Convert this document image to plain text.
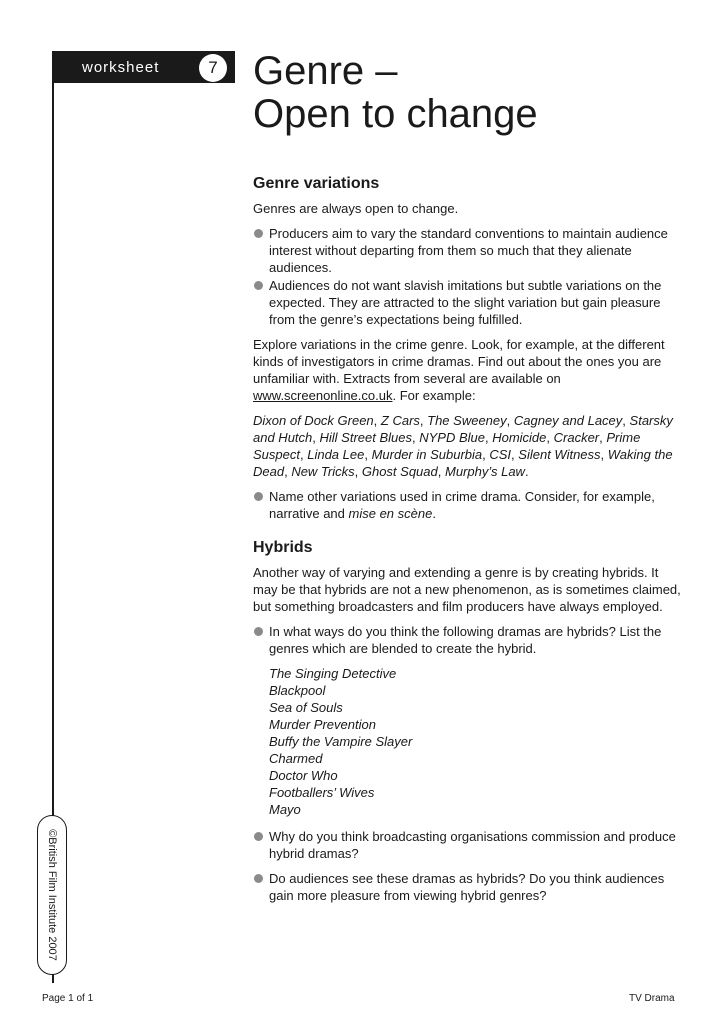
worksheet	7
©British Film Institute 2007
Genre –
Open to change
Genre variations

Genres are always open to change.

Producers aim to vary the standard conventions to maintain audience interest without departing from them so much that they alienate audiences.
Audiences do not want slavish imitations but subtle variations on the expected. They are attracted to the slight variation but gain pleasure from the genre’s expectations being fulfilled.

Explore variations in the crime genre. Look, for example, at the different kinds of investigators in crime dramas. Find out about the ones you are unfamiliar with. Extracts from several are available on www.screenonline.co.uk. For example:

Dixon of Dock Green, Z Cars, The Sweeney, Cagney and Lacey, Starsky and Hutch, Hill Street Blues, NYPD Blue, Homicide, Cracker, Prime Suspect, Linda Lee, Murder in Suburbia, CSI, Silent Witness, Waking the Dead, New Tricks, Ghost Squad, Murphy’s Law.

Name other variations used in crime drama. Consider, for example, narrative and mise en scène.
Hybrids

Another way of varying and extending a genre is by creating hybrids. It may be that hybrids are not a new phenomenon, as is sometimes claimed, but something broadcasters and film producers have always employed.

In what ways do you think the following dramas are hybrids? List the genres which are blended to create the hybrid.
The Singing Detective
Blackpool
Sea of Souls
Murder Prevention
Buffy the Vampire Slayer
Charmed
Doctor Who
Footballers’ Wives
Mayo
Why do you think broadcasting organisations commission and produce hybrid dramas?
Do audiences see these dramas as hybrids? Do you think audiences gain more pleasure from viewing hybrid genres?
Page 1 of 1	TV Drama
